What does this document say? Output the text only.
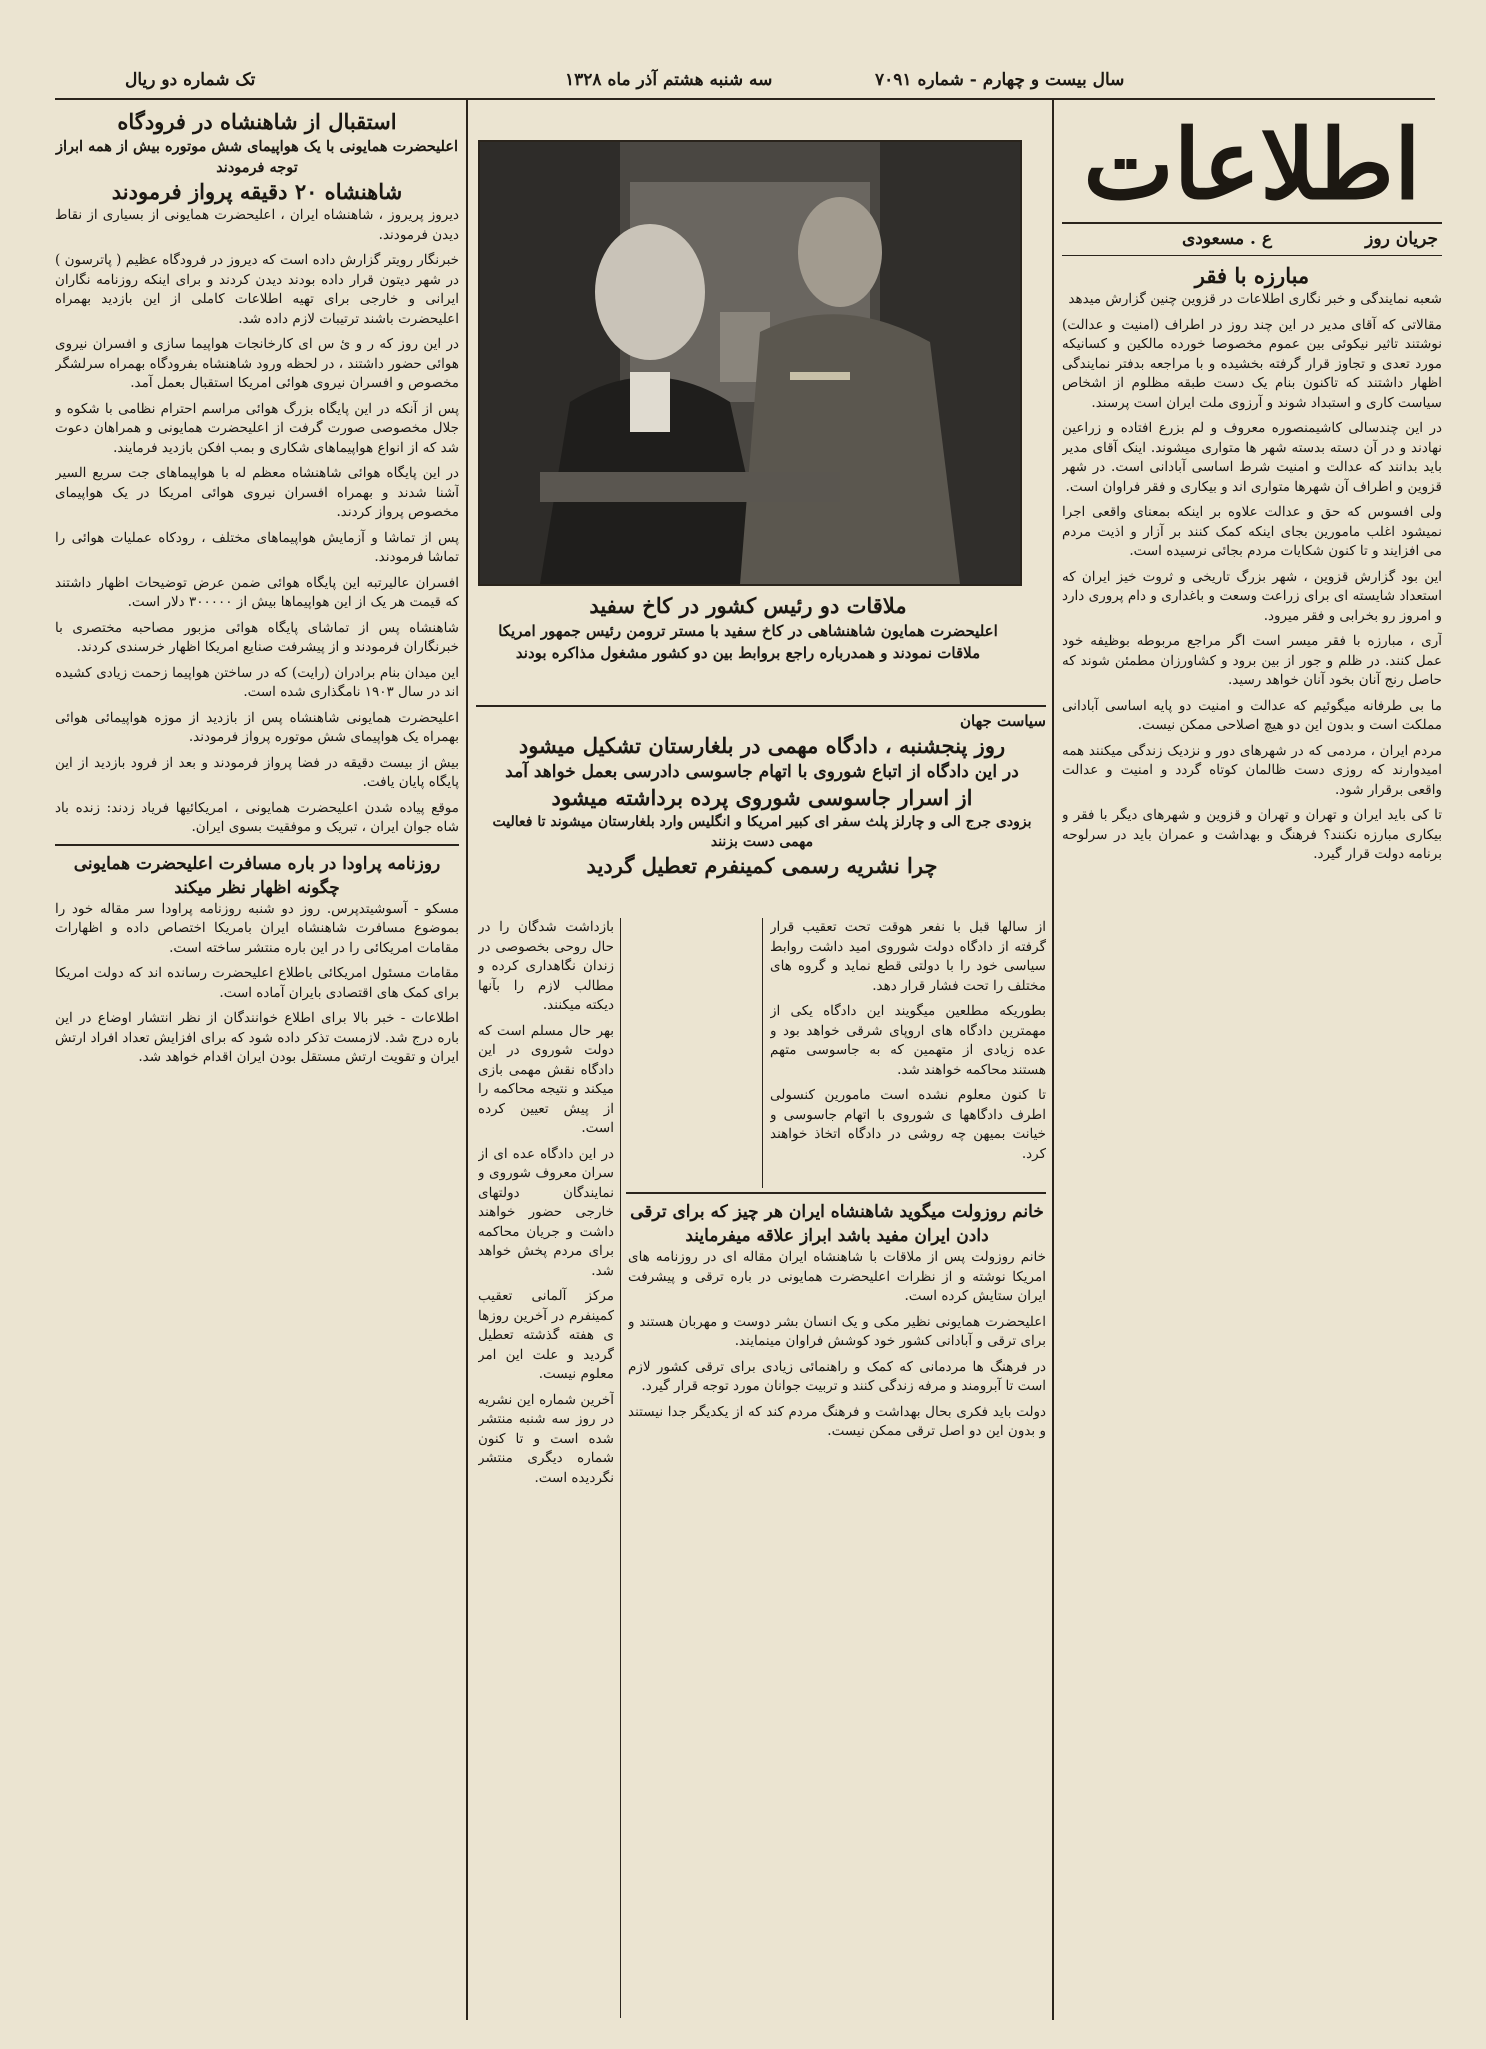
تک شماره دو ریال	سه شنبه هشتم آذر ماه ۱۳۲۸	سال بیست و چهارم - شماره ۷۰۹۱
اطلاعات
جریان روز
ع . مسعودی
مبارزه با فقر

شعبه نمایندگی و خبر نگاری اطلاعات در قزوین چنین گزارش میدهد

مقالاتی که آقای مدیر در این چند روز در اطراف (امنیت و عدالت) نوشتند تاثیر نیکوئی بین عموم مخصوصا خورده مالکین و کسانیکه مورد تعدی و تجاوز قرار گرفته بخشیده و با مراجعه بدفتر نمایندگی اظهار داشتند که تاکنون بنام یک دست طبقه مظلوم از اشخاص سیاست کاری و استبداد شوند و آرزوی ملت ایران است پرسند.

در این چندسالی کاشیمنصوره معروف و لم بزرع افتاده و زراعین نهادند و در آن دسته بدسته شهر ها متواری میشوند. اینک آقای مدیر باید بدانند که عدالت و امنیت شرط اساسی آبادانی است. در شهر قزوین و اطراف آن شهرها متواری اند و بیکاری و فقر فراوان است.

ولی افسوس که حق و عدالت علاوه بر اینکه بمعنای واقعی اجرا نمیشود اغلب مامورین بجای اینکه کمک کنند بر آزار و اذیت مردم می افزایند و تا کنون شکایات مردم بجائی نرسیده است.

این بود گزارش قزوین ، شهر بزرگ تاریخی و ثروت خیز ایران که استعداد شایسته ای برای زراعت وسعت و باغداری و دام پروری دارد و امروز رو بخرابی و فقر میرود.

آری ، مبارزه با فقر میسر است اگر مراجع مربوطه بوظیفه خود عمل کنند. در ظلم و جور از بین برود و کشاورزان مطمئن شوند که حاصل رنج آنان بخود آنان خواهد رسید.

ما بی طرفانه میگوئیم که عدالت و امنیت دو پایه اساسی آبادانی مملکت است و بدون این دو هیچ اصلاحی ممکن نیست.

مردم ایران ، مردمی که در شهرهای دور و نزدیک زندگی میکنند همه امیدوارند که روزی دست ظالمان کوتاه گردد و امنیت و عدالت واقعی برقرار شود.

تا کی باید ایران و تهران و تهران و قزوین و شهرهای دیگر با فقر و بیکاری مبارزه نکنند؟ فرهنگ و بهداشت و عمران باید در سرلوحه برنامه دولت قرار گیرد.

ملاقات دو رئیس کشور در کاخ سفید

اعلیحضرت همایون شاهنشاهی در کاخ سفید با مستر ترومن رئیس جمهور امریکا ملاقات نمودند و همدرباره راجع بروابط بین دو کشور مشغول مذاکره بودند

سیاست جهان
روز پنجشنبه ، دادگاه مهمی در بلغارستان تشکیل میشود
در این دادگاه از اتباع شوروی با اتهام جاسوسی دادرسی بعمل خواهد آمد
از اسرار جاسوسی شوروی پرده برداشته میشود
بزودی جرج الی و چارلز پلث سفر ای کبیر امریکا و انگلیس وارد بلغارستان میشوند تا فعالیت مهمی دست بزنند
چرا نشریه رسمی کمینفرم تعطیل گردید

از سالها قبل با نفعر هوقت تحت تعقیب قرار گرفته از دادگاه دولت شوروی امید داشت روابط سیاسی خود را با دولتی قطع نماید و گروه های مختلف را تحت فشار قرار دهد.

بطوریکه مطلعین میگویند این دادگاه یکی از مهمترین دادگاه های اروپای شرقی خواهد بود و عده زیادی از متهمین که به جاسوسی متهم هستند محاکمه خواهند شد.

تا کنون معلوم نشده است مامورین کنسولی اطرف دادگاهها ی شوروی با اتهام جاسوسی و خیانت بمیهن چه روشی در دادگاه اتخاذ خواهند کرد.

بازداشت شدگان را در حال روحی بخصوصی در زندان نگاهداری کرده و مطالب لازم را بآنها دیکته میکنند.

بهر حال مسلم است که دولت شوروی در این دادگاه نقش مهمی بازی میکند و نتیجه محاکمه را از پیش تعیین کرده است.

در این دادگاه عده ای از سران معروف شوروی و نمایندگان دولتهای خارجی حضور خواهند داشت و جریان محاکمه برای مردم پخش خواهد شد.

مرکز آلمانی تعقیب کمینفرم در آخرین روزها ی هفته گذشته تعطیل گردید و علت این امر معلوم نیست.

آخرین شماره این نشریه در روز سه شنبه منتشر شده است و تا کنون شماره دیگری منتشر نگردیده است.

خانم روزولت میگوید شاهنشاه ایران هر چیز که برای ترقی دادن ایران مفید باشد ابراز علاقه میفرمایند

خانم روزولت پس از ملاقات با شاهنشاه ایران مقاله ای در روزنامه های امریکا نوشته و از نظرات اعلیحضرت همایونی در باره ترقی و پیشرفت ایران ستایش کرده است.

اعلیحضرت همایونی نظیر مکی و یک انسان بشر دوست و مهربان هستند و برای ترقی و آبادانی کشور خود کوشش فراوان مینمایند.

در فرهنگ ها مردمانی که کمک و راهنمائی زیادی برای ترقی کشور لازم است تا آبرومند و مرفه زندگی کنند و تربیت جوانان مورد توجه قرار گیرد.

دولت باید فکری بحال بهداشت و فرهنگ مردم کند که از یکدیگر جدا نیستند و بدون این دو اصل ترقی ممکن نیست.

استقبال از شاهنشاه در فرودگاه
اعلیحضرت همایونی با یک هواپیمای شش موتوره بیش از همه ابراز توجه فرمودند
شاهنشاه ۲۰ دقیقه پرواز فرمودند

دیروز پریروز ، شاهنشاه ایران ، اعلیحضرت همایونی از بسیاری از نقاط دیدن فرمودند.

خبرنگار رویتر گزارش داده است که دیروز در فرودگاه عظیم ( پاترسون ) در شهر دیتون قرار داده بودند دیدن کردند و برای اینکه روزنامه نگاران ایرانی و خارجی برای تهیه اطلاعات کاملی از این بازدید بهمراه اعلیحضرت باشند ترتیبات لازم داده شد.

در این روز که ر و ئ س ای کارخانجات هواپیما سازی و افسران نیروی هوائی حضور داشتند ، در لحظه ورود شاهنشاه بفرودگاه بهمراه سرلشگر مخصوص و افسران نیروی هوائی امریکا استقبال بعمل آمد.

پس از آنکه در این پایگاه بزرگ هوائی مراسم احترام نظامی با شکوه و جلال مخصوصی صورت گرفت از اعلیحضرت همایونی و همراهان دعوت شد که از انواع هواپیماهای شکاری و بمب افکن بازدید فرمایند.

در این پایگاه هوائی شاهنشاه معظم له با هواپیماهای جت سریع السیر آشنا شدند و بهمراه افسران نیروی هوائی امریکا در یک هواپیمای مخصوص پرواز کردند.

پس از تماشا و آزمایش هواپیماهای مختلف ، رودکاه عملیات هوائی را تماشا فرمودند.

افسران عالیرتبه این پایگاه هوائی ضمن عرض توضیحات اظهار داشتند که قیمت هر یک از این هواپیماها بیش از ۳۰۰۰۰۰ دلار است.

شاهنشاه پس از تماشای پایگاه هوائی مزبور مصاحبه مختصری با خبرنگاران فرمودند و از پیشرفت صنایع امریکا اظهار خرسندی کردند.

این میدان بنام برادران (رایت) که در ساختن هواپیما زحمت زیادی کشیده اند در سال ۱۹۰۳ نامگذاری شده است.

اعلیحضرت همایونی شاهنشاه پس از بازدید از موزه هواپیمائی هوائی بهمراه یک هواپیمای شش موتوره پرواز فرمودند.

بیش از بیست دقیقه در فضا پرواز فرمودند و بعد از فرود بازدید از این پایگاه پایان یافت.

موقع پیاده شدن اعلیحضرت همایونی ، امریکائیها فریاد زدند: زنده باد شاه جوان ایران ، تبریک و موفقیت بسوی ایران.

روزنامه پراودا در باره مسافرت اعلیحضرت همایونی چگونه اظهار نظر میکند

مسکو - آسوشیتدپرس. روز دو شنبه روزنامه پراودا سر مقاله خود را بموضوع مسافرت شاهنشاه ایران بامریکا اختصاص داده و اظهارات مقامات امریکائی را در این باره منتشر ساخته است.

مقامات مسئول امریکائی باطلاع اعلیحضرت رسانده اند که دولت امریکا برای کمک های اقتصادی بایران آماده است.

اطلاعات - خبر بالا برای اطلاع خوانندگان از نظر انتشار اوضاع در این باره درج شد. لازمست تذکر داده شود که برای افزایش تعداد افراد ارتش ایران و تقویت ارتش مستقل بودن ایران اقدام خواهد شد.
